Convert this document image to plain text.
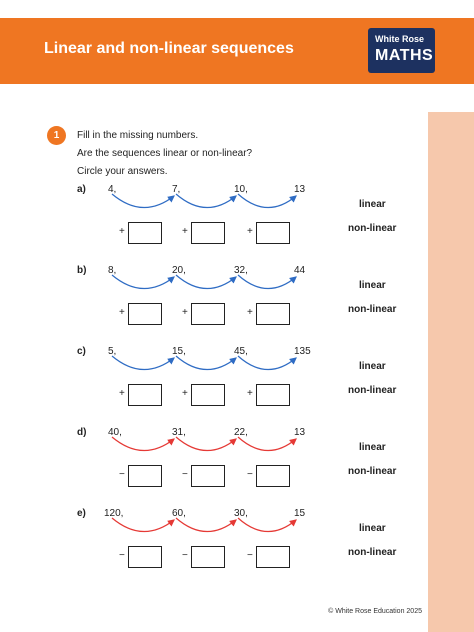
Linear and non-linear sequences
White Rose
MATHS
1	Fill in the missing numbers.
Are the sequences linear or non-linear?
Circle your answers.
a) 4,	7,	10,	13
+	+	+
linear
non-linear
b) 8,	20,	32,	44
+	+	+
linear
non-linear
c) 5,	15,	45,	135
+	+	+
linear
non-linear
d) 40,	31,	22,	13
−	−	−
linear
non-linear
e) 120,	60,	30,	15
−	−	−
linear
non-linear
© White Rose Education 2025
